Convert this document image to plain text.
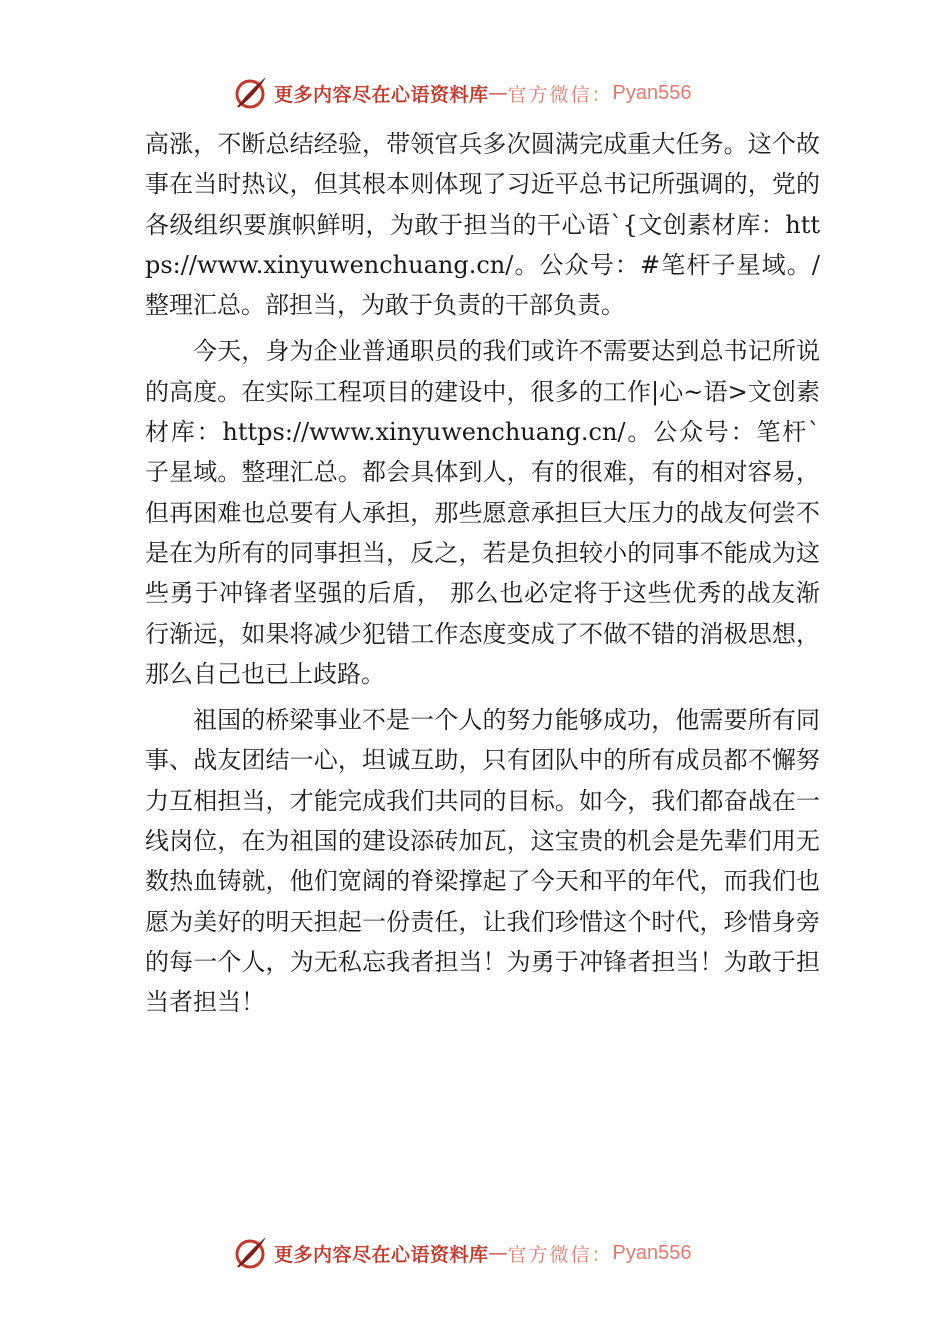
更多内容尽在心语资料库 — 官方微信： Pyan556

高涨，不断总结经验，带领官兵多次圆满完成重大任务。这个故事在当时热议，但其根本则体现了习近平总书记所强调的，党的各级组织要旗帜鲜明，为敢于担当的干心语`{文创素材库：https://www.xinyuwenchuang.cn/。公众号：#笔杆子星域。/整理汇总。部担当，为敢于负责的干部负责。

今天，身为企业普通职员的我们或许不需要达到总书记所说的高度。在实际工程项目的建设中，很多的工作|心~语>文创素材库：https://www.xinyuwenchuang.cn/。公众号：笔杆`子星域。整理汇总。都会具体到人，有的很难，有的相对容易，但再困难也总要有人承担，那些愿意承担巨大压力的战友何尝不是在为所有的同事担当，反之，若是负担较小的同事不能成为这些勇于冲锋者坚强的后盾， 那么也必定将于这些优秀的战友渐行渐远，如果将减少犯错工作态度变成了不做不错的消极思想，那么自己也已上歧路。

祖国的桥梁事业不是一个人的努力能够成功，他需要所有同事、战友团结一心，坦诚互助，只有团队中的所有成员都不懈努力互相担当，才能完成我们共同的目标。如今，我们都奋战在一线岗位，在为祖国的建设添砖加瓦，这宝贵的机会是先辈们用无数热血铸就，他们宽阔的脊梁撑起了今天和平的年代，而我们也愿为美好的明天担起一份责任，让我们珍惜这个时代，珍惜身旁的每一个人，为无私忘我者担当！为勇于冲锋者担当！为敢于担当者担当！

更多内容尽在心语资料库 — 官方微信： Pyan556
